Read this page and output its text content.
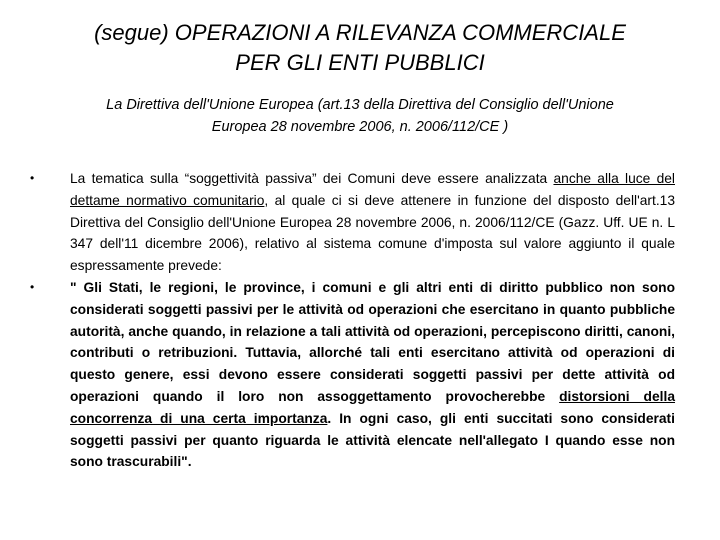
(segue) OPERAZIONI A RILEVANZA COMMERCIALE
PER GLI ENTI PUBBLICI
La Direttiva dell'Unione Europea (art.13 della Direttiva del Consiglio dell'Unione
Europea 28 novembre 2006, n. 2006/112/CE )
•	La tematica sulla “soggettività passiva” dei Comuni deve essere analizzata anche alla luce del dettame normativo comunitario, al quale ci si deve attenere in funzione del disposto dell'art.13 Direttiva del Consiglio dell'Unione Europea 28 novembre 2006, n. 2006/112/CE (Gazz. Uff. UE n. L 347 dell'11 dicembre 2006), relativo al sistema comune d'imposta sul valore aggiunto il quale espressamente prevede:
•	" Gli Stati, le regioni, le province, i comuni e gli altri enti di diritto pubblico non sono considerati soggetti passivi per le attività od operazioni che esercitano in quanto pubbliche autorità, anche quando, in relazione a tali attività od operazioni, percepiscono diritti, canoni, contributi o retribuzioni. Tuttavia, allorché tali enti esercitano attività od operazioni di questo genere, essi devono essere considerati soggetti passivi per dette attività od operazioni quando il loro non assoggettamento provocherebbe distorsioni della concorrenza di una certa importanza. In ogni caso, gli enti succitati sono considerati soggetti passivi per quanto riguarda le attività elencate nell'allegato I quando esse non sono trascurabili".
